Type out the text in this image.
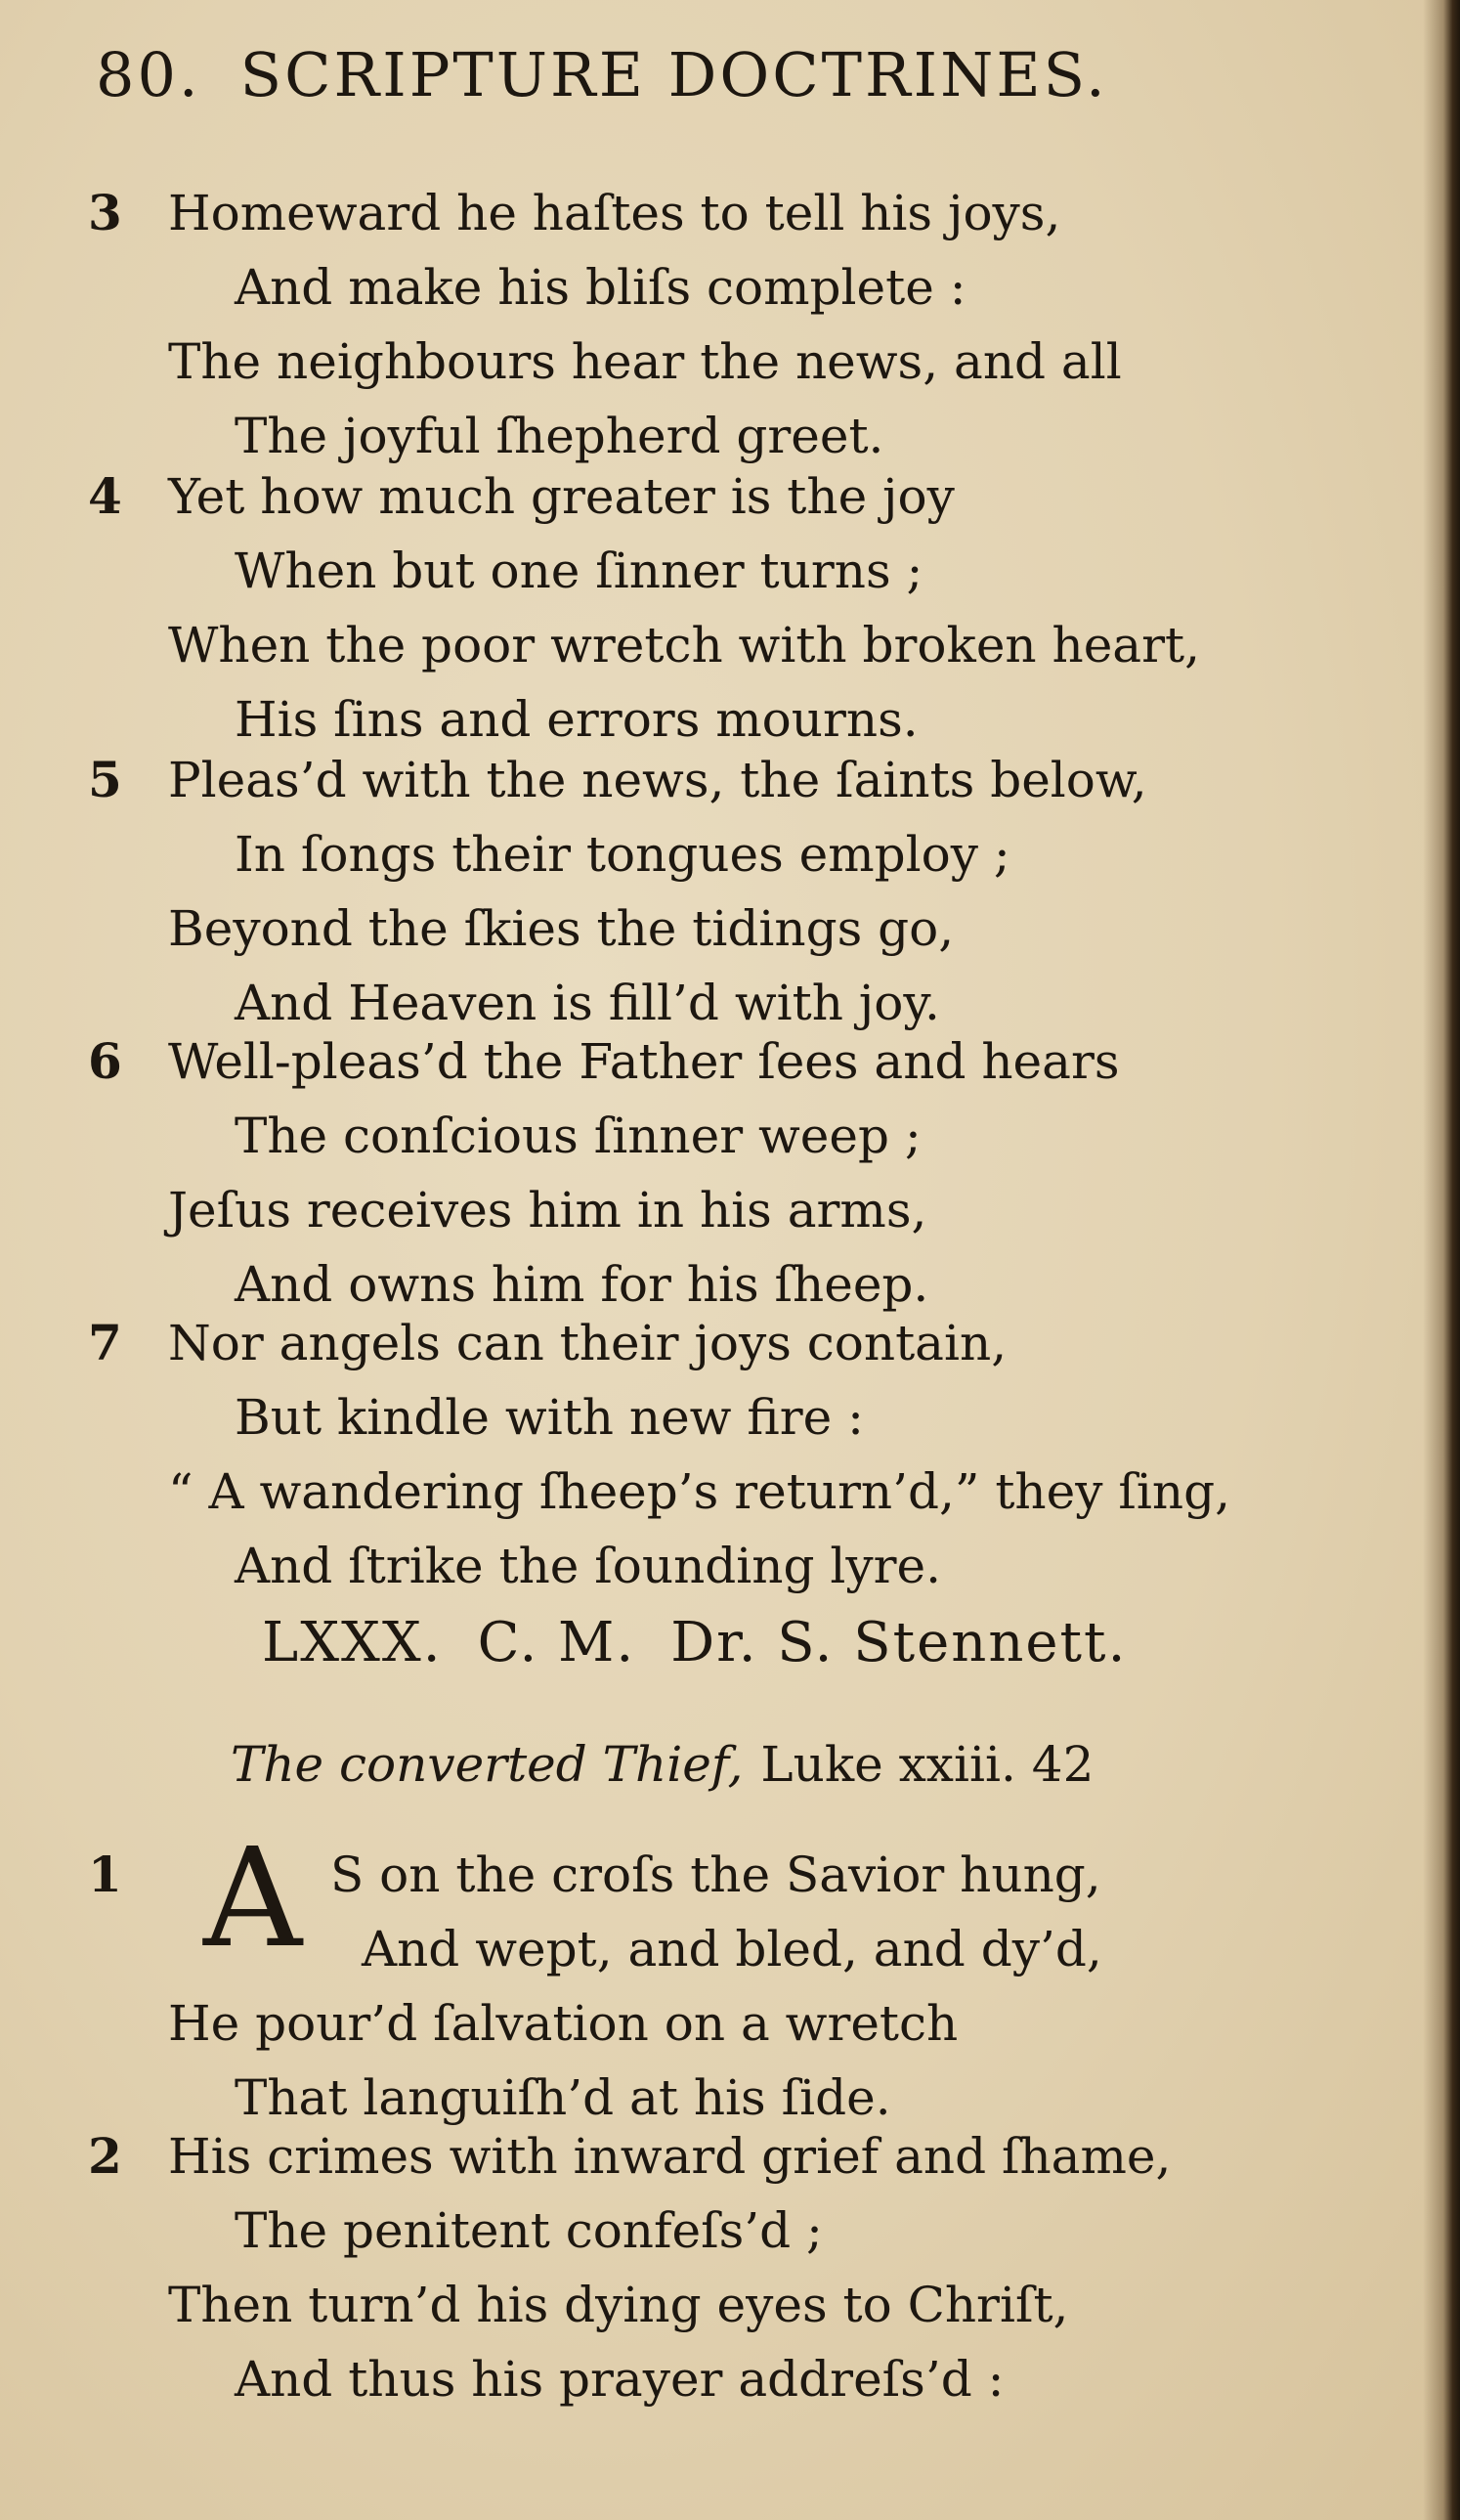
80. SCRIPTURE DOCTRINES.
3 Homeward he haſtes to tell his joys,
And make his bliſs complete :
The neighbours hear the news, and all
The joyful ſhepherd greet.
4 Yet how much greater is the joy
When but one ſinner turns ;
When the poor wretch with broken heart,
His ſins and errors mourns.
5 Pleas’d with the news, the ſaints below,
In ſongs their tongues employ ;
Beyond the ſkies the tidings go,
And Heaven is fill’d with joy.
6 Well-pleas’d the Father ſees and hears
The conſcious ſinner weep ;
Jeſus receives him in his arms,
And owns him for his ſheep.
7 Nor angels can their joys contain,
But kindle with new fire :
“ A wandering ſheep’s return’d,” they ſing,
And ſtrike the ſounding lyre.
LXXX. C. M. Dr. S. Stennett.
The converted Thief, Luke xxiii. 42
A
1	S on the croſs the Savior hung,
And wept, and bled, and dy’d,
He pour’d ſalvation on a wretch
That languiſh’d at his ſide.
2 His crimes with inward grief and ſhame,
The penitent confeſs’d ;
Then turn’d his dying eyes to Chriſt,
And thus his prayer addreſs’d :
